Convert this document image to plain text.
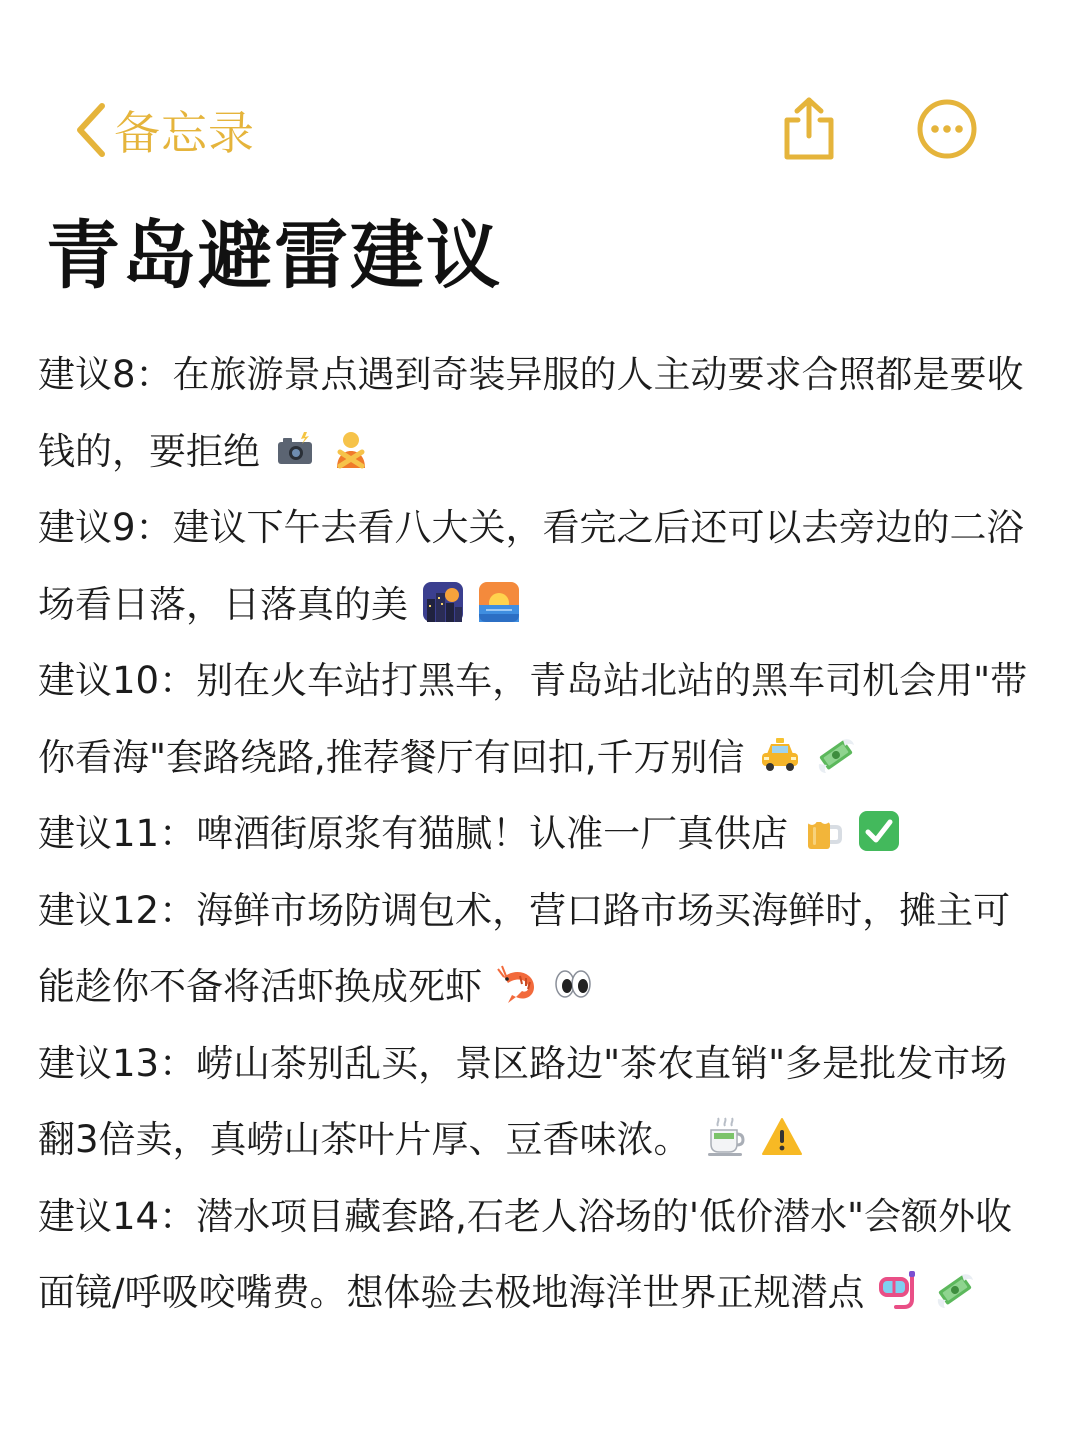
备忘录
青岛避雷建议

建议8：在旅游景点遇到奇装异服的人主动要求合照都是要收钱的，要拒绝

建议9：建议下午去看八大关，看完之后还可以去旁边的二浴场看日落，日落真的美

建议10：别在火车站打黑车，青岛站北站的黑车司机会用"带你看海"套路绕路,推荐餐厅有回扣,千万别信

建议11：啤酒街原浆有猫腻！认准一厂真供店

建议12：海鲜市场防调包术，营口路市场买海鲜时，摊主可能趁你不备将活虾换成死虾

建议13：崂山茶别乱买，景区路边"茶农直销"多是批发市场翻3倍卖，真崂山茶叶片厚、豆香味浓。

建议14：潜水项目藏套路,石老人浴场的'低价潜水"会额外收面镜/呼吸咬嘴费。想体验去极地海洋世界正规潜点
